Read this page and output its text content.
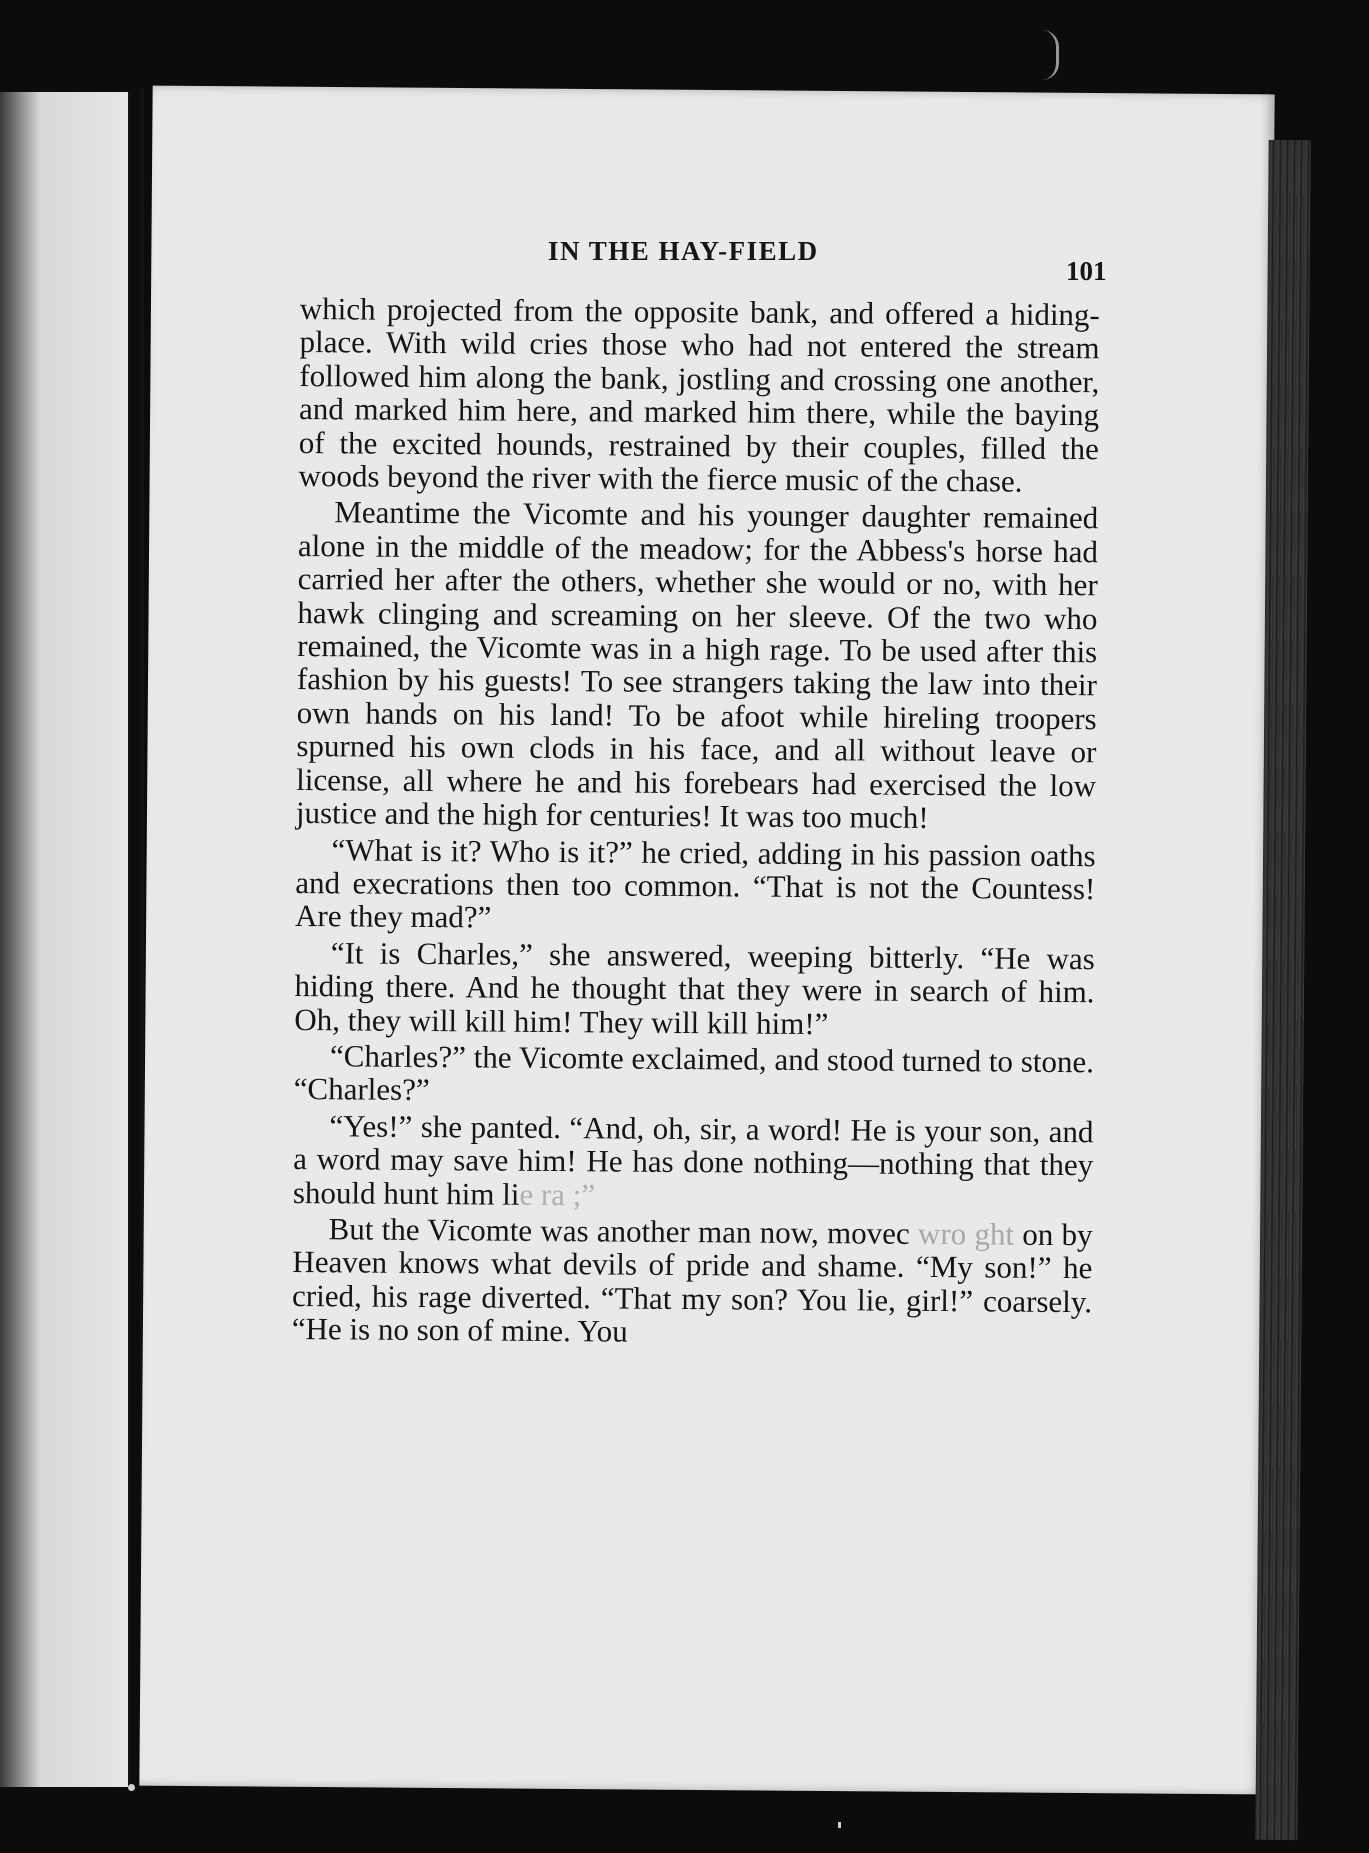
IN THE HAY-FIELD
101

which projected from the opposite bank, and offered a hiding-place. With wild cries those who had not entered the stream followed him along the bank, jostling and crossing one another, and marked him here, and marked him there, while the baying of the excited hounds, restrained by their couples, filled the woods beyond the river with the fierce music of the chase.

Meantime the Vicomte and his younger daughter remained alone in the middle of the meadow; for the Abbess's horse had carried her after the others, whether she would or no, with her hawk clinging and screaming on her sleeve. Of the two who remained, the Vicomte was in a high rage. To be used after this fashion by his guests! To see strangers taking the law into their own hands on his land! To be afoot while hireling troopers spurned his own clods in his face, and all without leave or license, all where he and his forebears had exercised the low justice and the high for centuries! It was too much!

“What is it? Who is it?” he cried, adding in his passion oaths and execrations then too common. “That is not the Countess! Are they mad?”

“It is Charles,” she answered, weeping bitterly. “He was hiding there. And he thought that they were in search of him. Oh, they will kill him! They will kill him!”

“Charles?” the Vicomte exclaimed, and stood turned to stone. “Charles?”

“Yes!” she panted. “And, oh, sir, a word! He is your son, and a word may save him! He has done nothing—nothing that they should hunt him lie ra ;”

But the Vicomte was another man now, movec wro ght on by Heaven knows what devils of pride and shame. “My son!” he cried, his rage diverted. “That my son? You lie, girl!” coarsely. “He is no son of mine. You
